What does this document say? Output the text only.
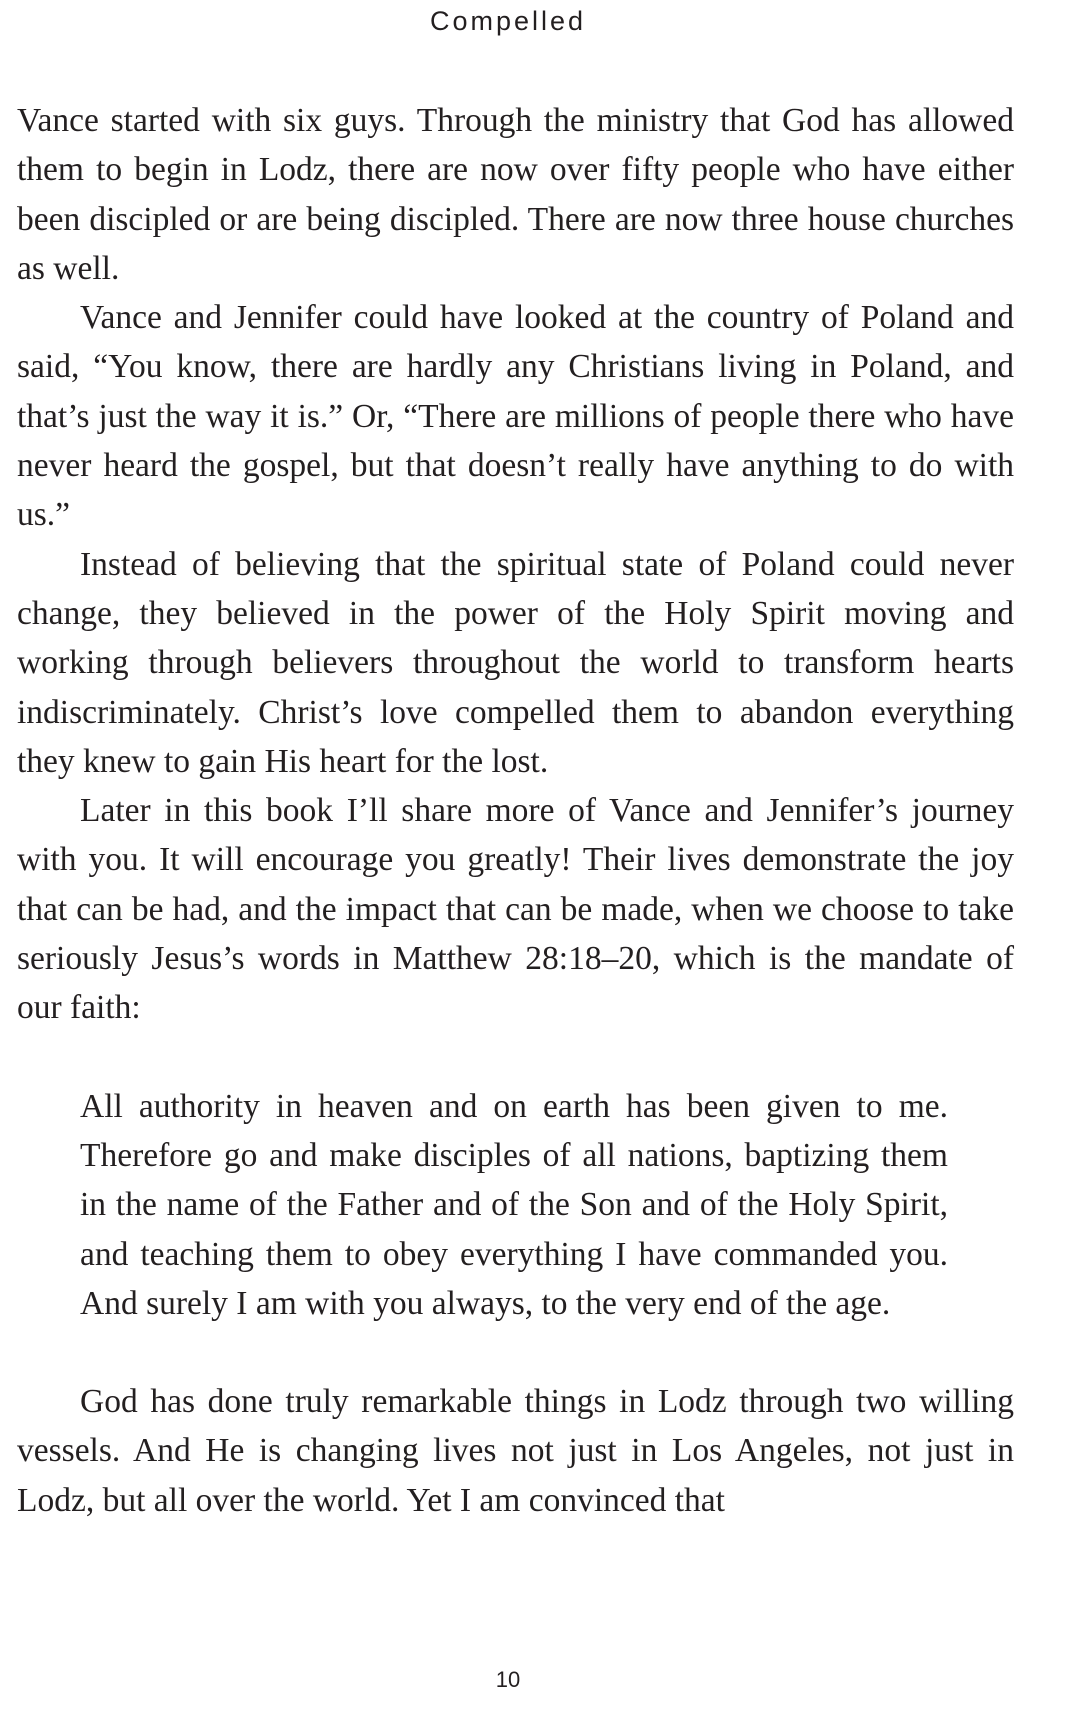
Compelled

Vance started with six guys. Through the ministry that God has allowed them to begin in Lodz, there are now over fifty people who have either been discipled or are being discipled. There are now three house churches as well.

Vance and Jennifer could have looked at the country of Poland and said, “You know, there are hardly any Christians living in Poland, and that’s just the way it is.” Or, “There are millions of people there who have never heard the gospel, but that doesn’t really have anything to do with us.”

Instead of believing that the spiritual state of Poland could never change, they believed in the power of the Holy Spirit moving and working through believers throughout the world to transform hearts indiscriminately. Christ’s love compelled them to abandon everything they knew to gain His heart for the lost.

Later in this book I’ll share more of Vance and Jennifer’s journey with you. It will encourage you greatly! Their lives demonstrate the joy that can be had, and the impact that can be made, when we choose to take seriously Jesus’s words in Matthew 28:18–20, which is the mandate of our faith:

All authority in heaven and on earth has been given to me. Therefore go and make disciples of all nations, baptizing them in the name of the Father and of the Son and of the Holy Spirit, and teaching them to obey everything I have commanded you. And surely I am with you always, to the very end of the age.

God has done truly remarkable things in Lodz through two willing vessels. And He is changing lives not just in Los Angeles, not just in Lodz, but all over the world. Yet I am convinced that

10
